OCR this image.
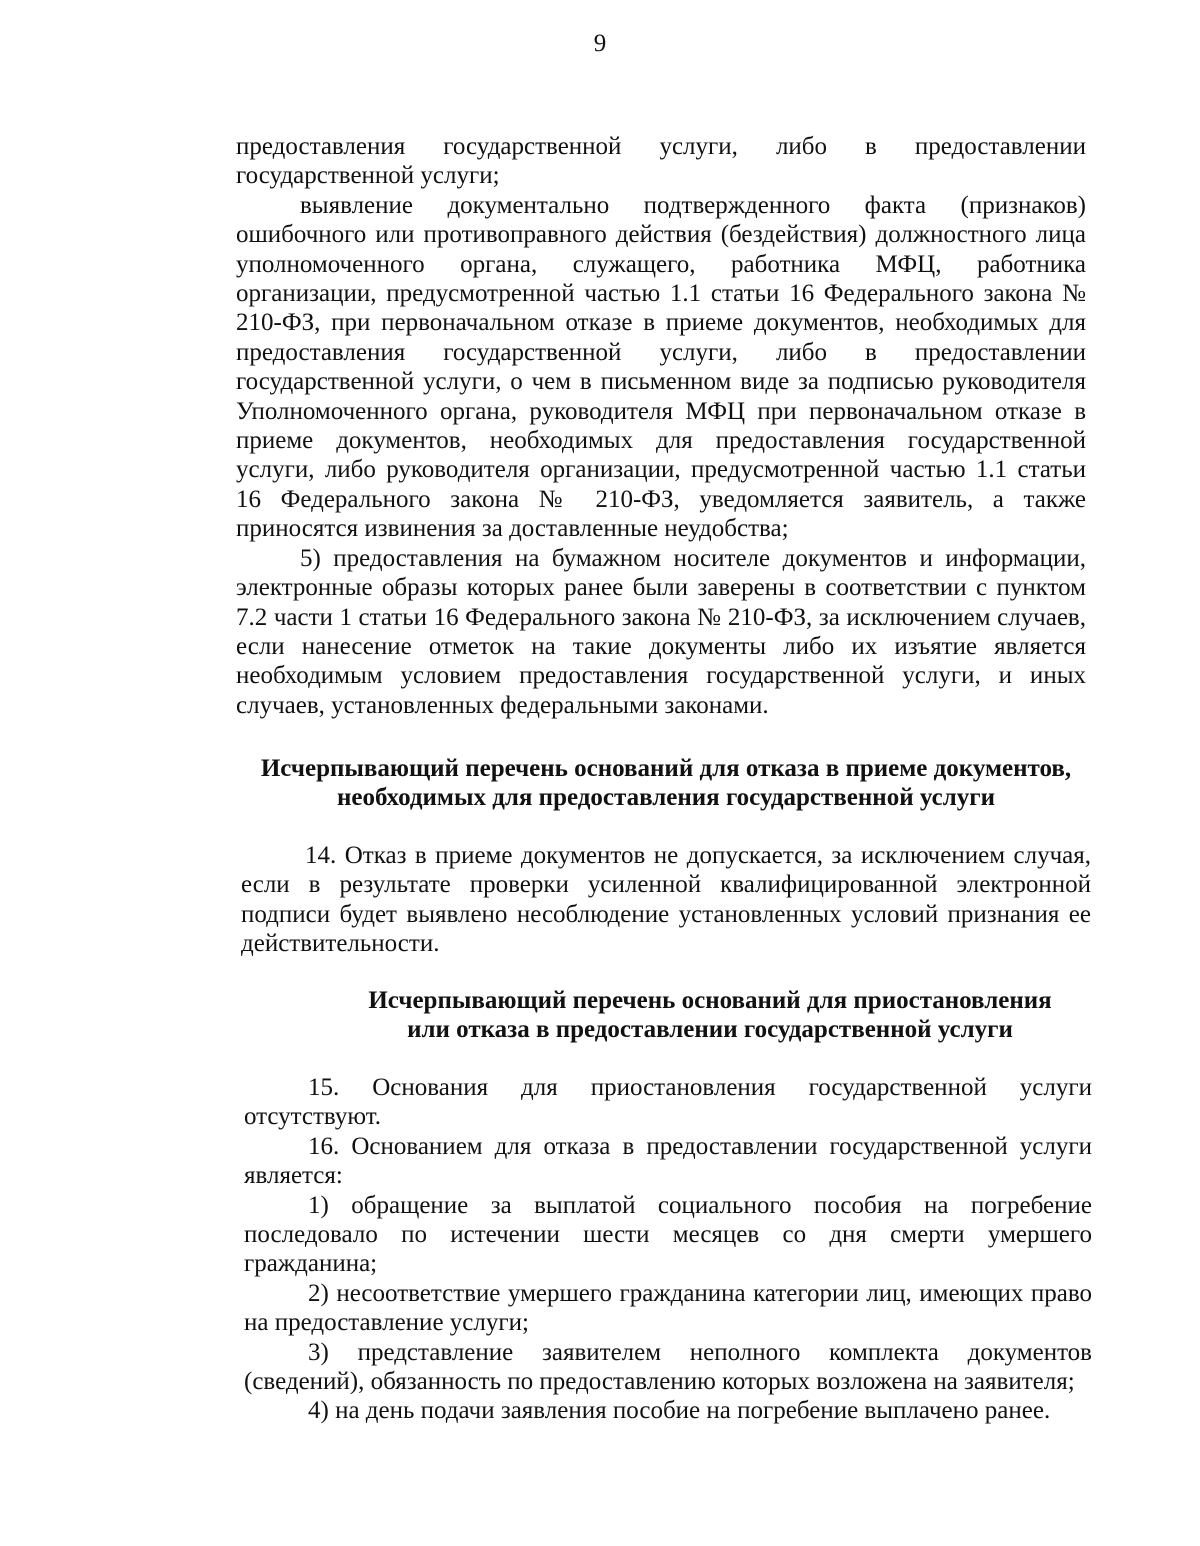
9

предоставления государственной услуги, либо в предоставлении государственной услуги;

выявление документально подтвержденного факта (признаков) ошибочного или противоправного действия (бездействия) должностного лица уполномоченного органа, служащего, работника МФЦ, работника организации, предусмотренной частью 1.1 статьи 16 Федерального закона № 210-ФЗ, при первоначальном отказе в приеме документов, необходимых для предоставления государственной услуги, либо в предоставлении государственной услуги, о чем в письменном виде за подписью руководителя Уполномоченного органа, руководителя МФЦ при первоначальном отказе в приеме документов, необходимых для предоставления государственной услуги, либо руководителя организации, предусмотренной частью 1.1 статьи 16 Федерального закона № 210-ФЗ, уведомляется заявитель, а также приносятся извинения за доставленные неудобства;

5) предоставления на бумажном носителе документов и информации, электронные образы которых ранее были заверены в соответствии с пунктом 7.2 части 1 статьи 16 Федерального закона № 210-ФЗ, за исключением случаев, если нанесение отметок на такие документы либо их изъятие является необходимым условием предоставления государственной услуги, и иных случаев, установленных федеральными законами.

Исчерпывающий перечень оснований для отказа в приеме документов,
необходимых для предоставления государственной услуги

14. Отказ в приеме документов не допускается, за исключением случая, если в результате проверки усиленной квалифицированной электронной подписи будет выявлено несоблюдение установленных условий признания ее действительности.

Исчерпывающий перечень оснований для приостановления
или отказа в предоставлении государственной услуги

15. Основания для приостановления государственной услуги отсутствуют.

16. Основанием для отказа в предоставлении государственной услуги является:

1) обращение за выплатой социального пособия на погребение последовало по истечении шести месяцев со дня смерти умершего гражданина;

2) несоответствие умершего гражданина категории лиц, имеющих право на предоставление услуги;

3) представление заявителем неполного комплекта документов (сведений), обязанность по предоставлению которых возложена на заявителя;

4) на день подачи заявления пособие на погребение выплачено ранее.
